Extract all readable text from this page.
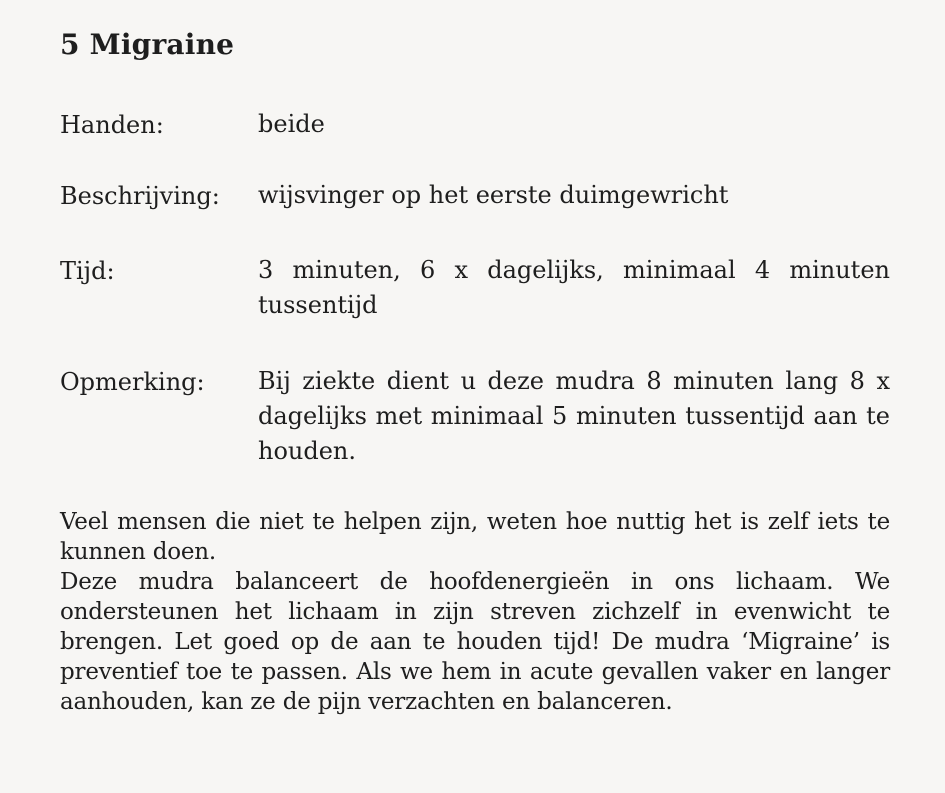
5 Migraine
Handen:	beide
Beschrijving: wijsvinger op het eerste duimgewricht
Tijd:	3 minuten, 6 x dagelijks, minimaal 4 minuten tussentijd
Opmerking: Bij ziekte dient u deze mudra 8 minuten lang 8 x dagelijks met minimaal 5 minuten tussentijd aan te houden.

Veel mensen die niet te helpen zijn, weten hoe nuttig het is zelf iets te kunnen doen.

Deze mudra balanceert de hoofdenergieën in ons lichaam. We ondersteunen het lichaam in zijn streven zichzelf in evenwicht te brengen. Let goed op de aan te houden tijd! De mudra ‘Migraine’ is preventief toe te passen. Als we hem in acute gevallen vaker en langer aanhouden, kan ze de pijn verzachten en balanceren.
